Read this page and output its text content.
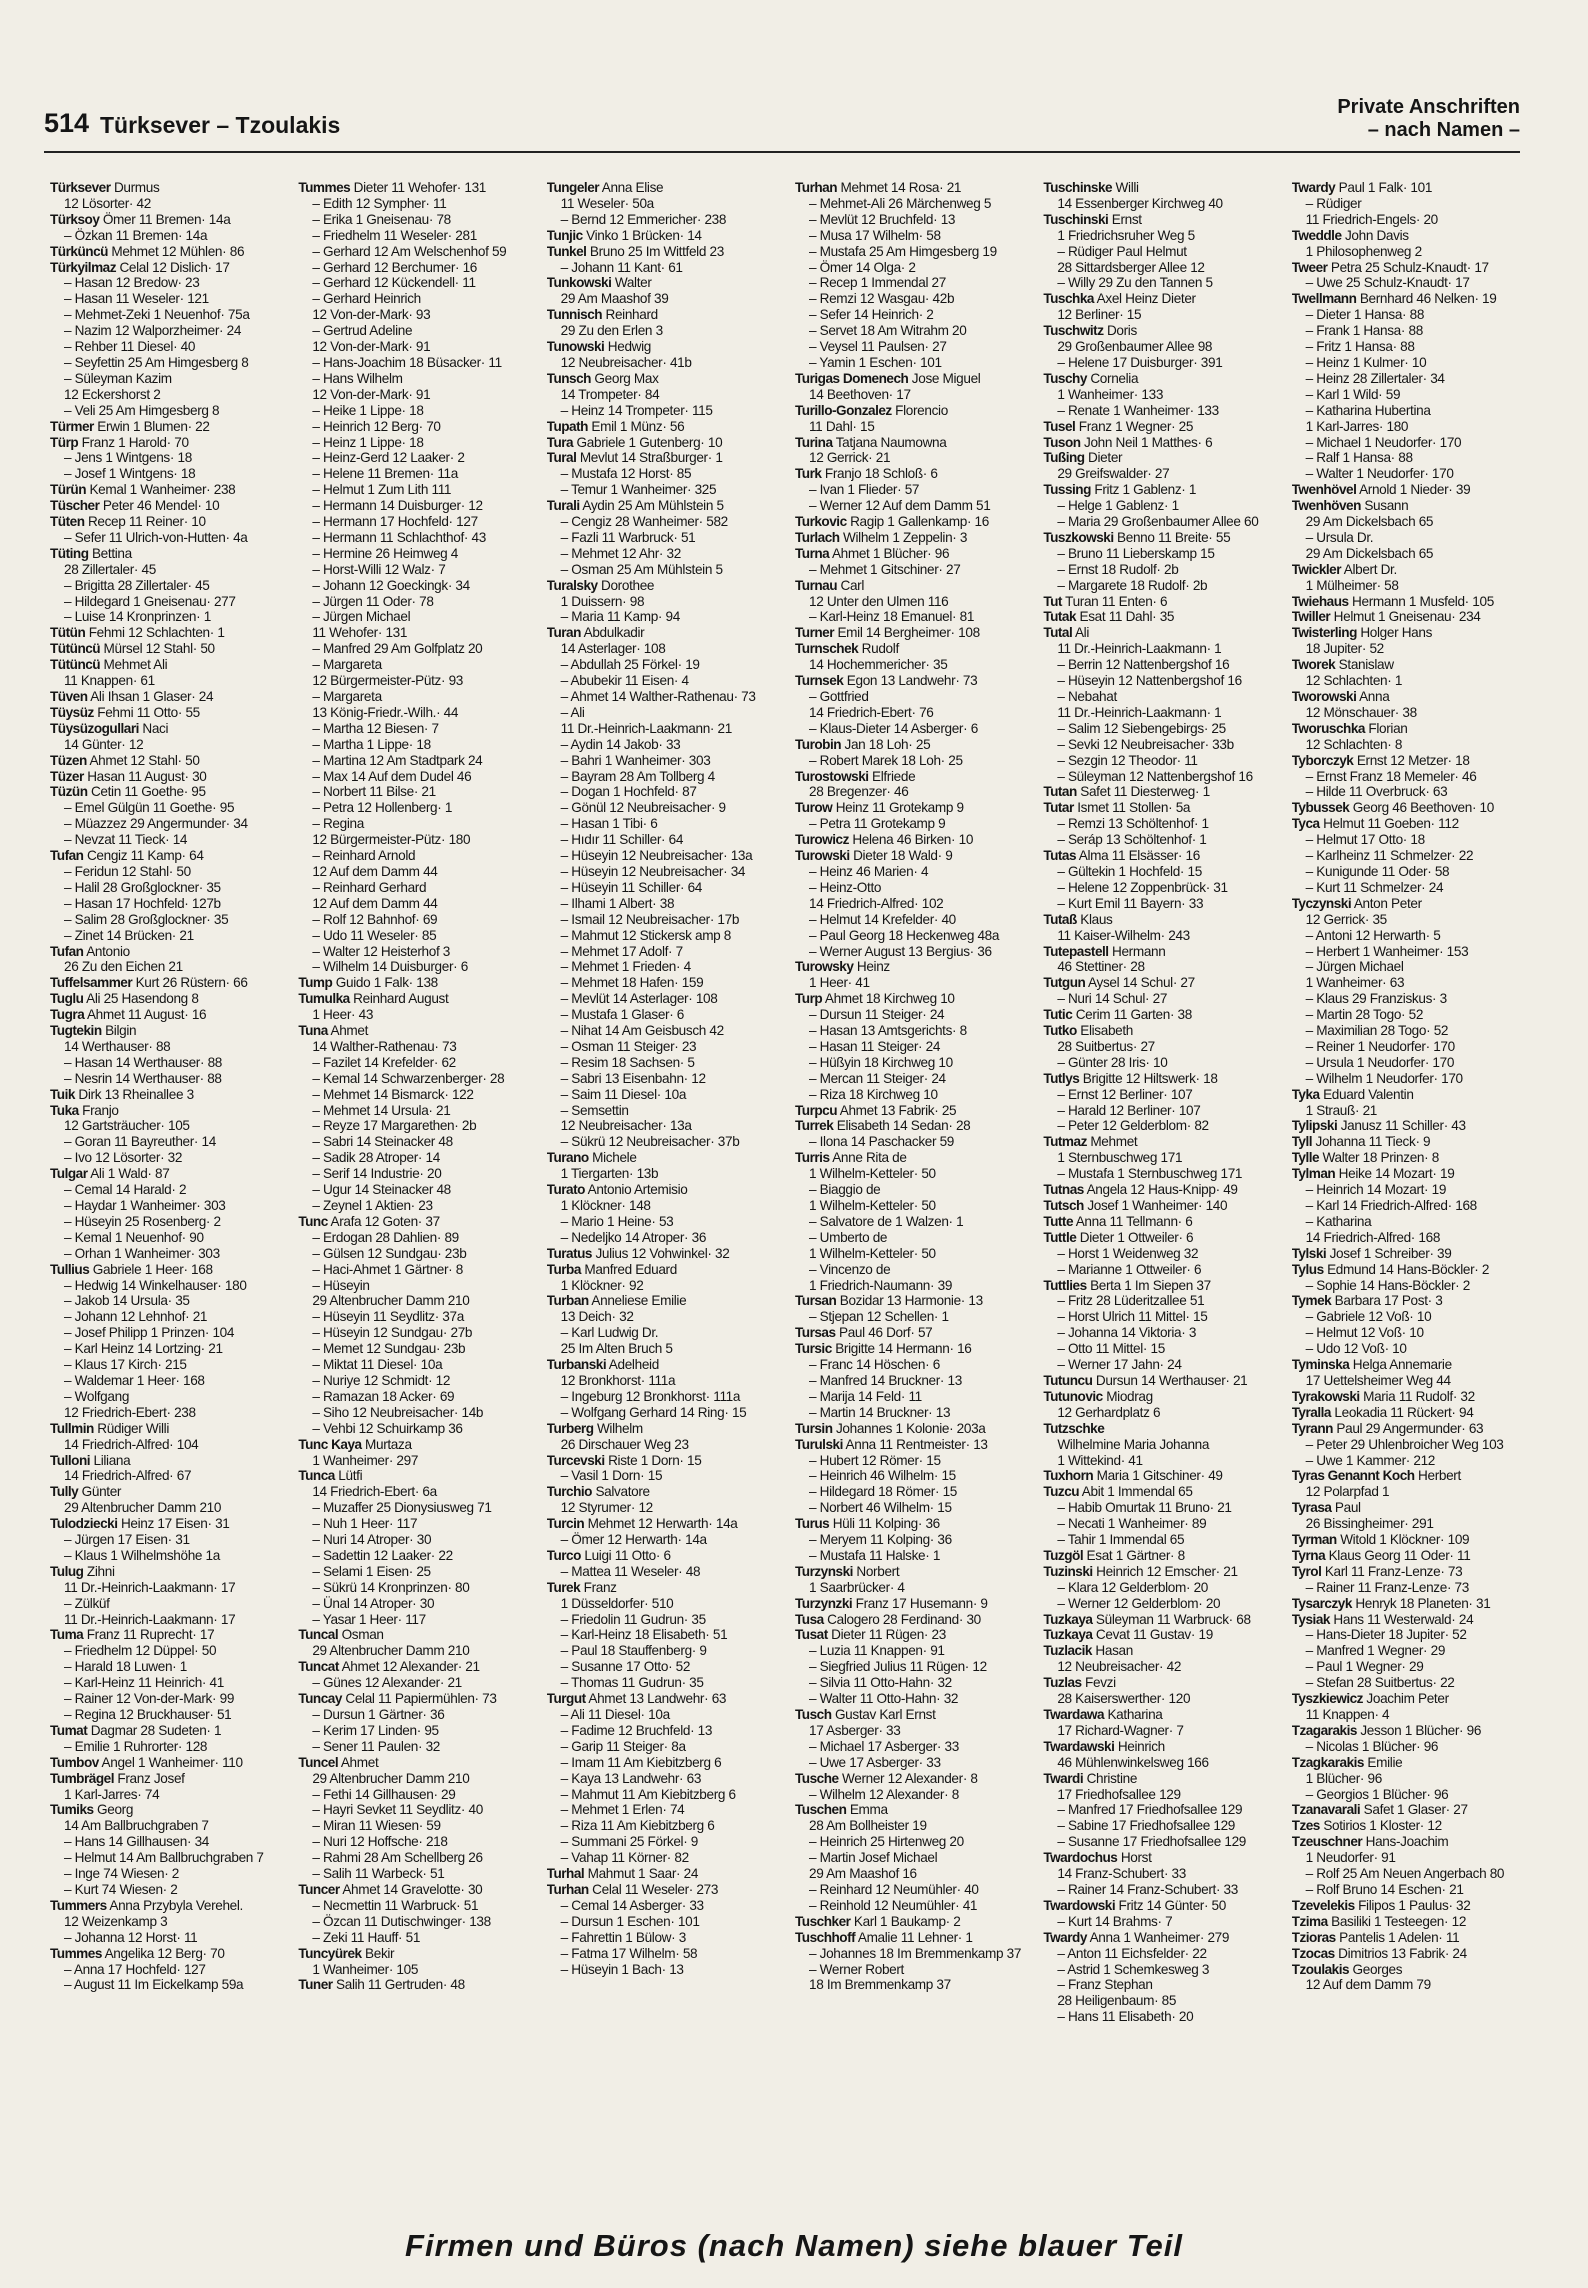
514 Türksever – Tzoulakis
Private Anschriften
– nach Namen –
Türksever Durmus
12 Lösorter· 42
Türksoy Ömer 11 Bremen· 14a
– Özkan 11 Bremen· 14a
Türküncü Mehmet 12 Mühlen· 86
Türkyilmaz Celal 12 Dislich· 17
– Hasan 12 Bredow· 23
– Hasan 11 Weseler· 121
– Mehmet-Zeki 1 Neuenhof· 75a
– Nazim 12 Walporzheimer· 24
– Rehber 11 Diesel· 40
– Seyfettin 25 Am Himgesberg 8
– Süleyman Kazim
12 Eckershorst 2
– Veli 25 Am Himgesberg 8
Türmer Erwin 1 Blumen· 22
Türp Franz 1 Harold· 70
– Jens 1 Wintgens· 18
– Josef 1 Wintgens· 18
Türün Kemal 1 Wanheimer· 238
Tüscher Peter 46 Mendel· 10
Tüten Recep 11 Reiner· 10
– Sefer 11 Ulrich-von-Hutten· 4a
Tüting Bettina
28 Zillertaler· 45
– Brigitta 28 Zillertaler· 45
– Hildegard 1 Gneisenau· 277
– Luise 14 Kronprinzen· 1
Tütün Fehmi 12 Schlachten· 1
Tütüncü Mürsel 12 Stahl· 50
Tütüncü Mehmet Ali
11 Knappen· 61
Tüven Ali Ihsan 1 Glaser· 24
Tüysüz Fehmi 11 Otto· 55
Tüysüzogullari Naci
14 Günter· 12
Tüzen Ahmet 12 Stahl· 50
Tüzer Hasan 11 August· 30
Tüzün Cetin 11 Goethe· 95
– Emel Gülgün 11 Goethe· 95
– Müazzez 29 Angermunder· 34
– Nevzat 11 Tieck· 14
Tufan Cengiz 11 Kamp· 64
– Feridun 12 Stahl· 50
– Halil 28 Großglockner· 35
– Hasan 17 Hochfeld· 127b
– Salim 28 Großglockner· 35
– Zinet 14 Brücken· 21
Tufan Antonio
26 Zu den Eichen 21
Tuffelsammer Kurt 26 Rüstern· 66
Tuglu Ali 25 Hasendong 8
Tugra Ahmet 11 August· 16
Tugtekin Bilgin
14 Werthauser· 88
– Hasan 14 Werthauser· 88
– Nesrin 14 Werthauser· 88
Tuik Dirk 13 Rheinallee 3
Tuka Franjo
12 Gartsträucher· 105
– Goran 11 Bayreuther· 14
– Ivo 12 Lösorter· 32
Tulgar Ali 1 Wald· 87
– Cemal 14 Harald· 2
– Haydar 1 Wanheimer· 303
– Hüseyin 25 Rosenberg· 2
– Kemal 1 Neuenhof· 90
– Orhan 1 Wanheimer· 303
Tullius Gabriele 1 Heer· 168
– Hedwig 14 Winkelhauser· 180
– Jakob 14 Ursula· 35
– Johann 12 Lehnhof· 21
– Josef Philipp 1 Prinzen· 104
– Karl Heinz 14 Lortzing· 21
– Klaus 17 Kirch· 215
– Waldemar 1 Heer· 168
– Wolfgang
12 Friedrich-Ebert· 238
Tullmin Rüdiger Willi
14 Friedrich-Alfred· 104
Tulloni Liliana
14 Friedrich-Alfred· 67
Tully Günter
29 Altenbrucher Damm 210
Tulodziecki Heinz 17 Eisen· 31
– Jürgen 17 Eisen· 31
– Klaus 1 Wilhelmshöhe 1a
Tulug Zihni
11 Dr.-Heinrich-Laakmann· 17
– Zülküf
11 Dr.-Heinrich-Laakmann· 17
Tuma Franz 11 Ruprecht· 17
– Friedhelm 12 Düppel· 50
– Harald 18 Luwen· 1
– Karl-Heinz 11 Heinrich· 41
– Rainer 12 Von-der-Mark· 99
– Regina 12 Bruckhauser· 51
Tumat Dagmar 28 Sudeten· 1
– Emilie 1 Ruhrorter· 128
Tumbov Angel 1 Wanheimer· 110
Tumbrägel Franz Josef
1 Karl-Jarres· 74
Tumiks Georg
14 Am Ballbruchgraben 7
– Hans 14 Gillhausen· 34
– Helmut 14 Am Ballbruchgraben 7
– Inge 74 Wiesen· 2
– Kurt 74 Wiesen· 2
Tummers Anna Przybyla Verehel.
12 Weizenkamp 3
– Johanna 12 Horst· 11
Tummes Angelika 12 Berg· 70
– Anna 17 Hochfeld· 127
– August 11 Im Eickelkamp 59a
Tummes Dieter 11 Wehofer· 131
– Edith 12 Sympher· 11
– Erika 1 Gneisenau· 78
– Friedhelm 11 Weseler· 281
– Gerhard 12 Am Welschenhof 59
– Gerhard 12 Berchumer· 16
– Gerhard 12 Kückendell· 11
– Gerhard Heinrich
12 Von-der-Mark· 93
– Gertrud Adeline
12 Von-der-Mark· 91
– Hans-Joachim 18 Büsacker· 11
– Hans Wilhelm
12 Von-der-Mark· 91
– Heike 1 Lippe· 18
– Heinrich 12 Berg· 70
– Heinz 1 Lippe· 18
– Heinz-Gerd 12 Laaker· 2
– Helene 11 Bremen· 11a
– Helmut 1 Zum Lith 111
– Hermann 14 Duisburger· 12
– Hermann 17 Hochfeld· 127
– Hermann 11 Schlachthof· 43
– Hermine 26 Heimweg 4
– Horst-Willi 12 Walz· 7
– Johann 12 Goeckingk· 34
– Jürgen 11 Oder· 78
– Jürgen Michael
11 Wehofer· 131
– Manfred 29 Am Golfplatz 20
– Margareta
12 Bürgermeister-Pütz· 93
– Margareta
13 König-Friedr.-Wilh.· 44
– Martha 12 Biesen· 7
– Martha 1 Lippe· 18
– Martina 12 Am Stadtpark 24
– Max 14 Auf dem Dudel 46
– Norbert 11 Bilse· 21
– Petra 12 Hollenberg· 1
– Regina
12 Bürgermeister-Pütz· 180
– Reinhard Arnold
12 Auf dem Damm 44
– Reinhard Gerhard
12 Auf dem Damm 44
– Rolf 12 Bahnhof· 69
– Udo 11 Weseler· 85
– Walter 12 Heisterhof 3
– Wilhelm 14 Duisburger· 6
Tump Guido 1 Falk· 138
Tumulka Reinhard August
1 Heer· 43
Tuna Ahmet
14 Walther-Rathenau· 73
– Fazilet 14 Krefelder· 62
– Kemal 14 Schwarzenberger· 28
– Mehmet 14 Bismarck· 122
– Mehmet 14 Ursula· 21
– Reyze 17 Margarethen· 2b
– Sabri 14 Steinacker 48
– Sadik 28 Atroper· 14
– Serif 14 Industrie· 20
– Ugur 14 Steinacker 48
– Zeynel 1 Aktien· 23
Tunc Arafa 12 Goten· 37
– Erdogan 28 Dahlien· 89
– Gülsen 12 Sundgau· 23b
– Haci-Ahmet 1 Gärtner· 8
– Hüseyin
29 Altenbrucher Damm 210
– Hüseyin 11 Seydlitz· 37a
– Hüseyin 12 Sundgau· 27b
– Memet 12 Sundgau· 23b
– Miktat 11 Diesel· 10a
– Nuriye 12 Schmidt· 12
– Ramazan 18 Acker· 69
– Siho 12 Neubreisacher· 14b
– Vehbi 12 Schuirkamp 36
Tunc Kaya Murtaza
1 Wanheimer· 297
Tunca Lütfi
14 Friedrich-Ebert· 6a
– Muzaffer 25 Dionysiusweg 71
– Nuh 1 Heer· 117
– Nuri 14 Atroper· 30
– Sadettin 12 Laaker· 22
– Selami 1 Eisen· 25
– Sükrü 14 Kronprinzen· 80
– Ünal 14 Atroper· 30
– Yasar 1 Heer· 117
Tuncal Osman
29 Altenbrucher Damm 210
Tuncat Ahmet 12 Alexander· 21
– Günes 12 Alexander· 21
Tuncay Celal 11 Papiermühlen· 73
– Dursun 1 Gärtner· 36
– Kerim 17 Linden· 95
– Sener 11 Paulen· 32
Tuncel Ahmet
29 Altenbrucher Damm 210
– Fethi 14 Gillhausen· 29
– Hayri Sevket 11 Seydlitz· 40
– Miran 11 Wiesen· 59
– Nuri 12 Hoffsche· 218
– Rahmi 28 Am Schellberg 26
– Salih 11 Warbeck· 51
Tuncer Ahmet 14 Gravelotte· 30
– Necmettin 11 Warbruck· 51
– Özcan 11 Dutischwinger· 138
– Zeki 11 Hauff· 51
Tuncyürek Bekir
1 Wanheimer· 105
Tuner Salih 11 Gertruden· 48
Tungeler Anna Elise
11 Weseler· 50a
– Bernd 12 Emmericher· 238
Tunjic Vinko 1 Brücken· 14
Tunkel Bruno 25 Im Wittfeld 23
– Johann 11 Kant· 61
Tunkowski Walter
29 Am Maashof 39
Tunnisch Reinhard
29 Zu den Erlen 3
Tunowski Hedwig
12 Neubreisacher· 41b
Tunsch Georg Max
14 Trompeter· 84
– Heinz 14 Trompeter· 115
Tupath Emil 1 Münz· 56
Tura Gabriele 1 Gutenberg· 10
Tural Mevlut 14 Straßburger· 1
– Mustafa 12 Horst· 85
– Temur 1 Wanheimer· 325
Turali Aydin 25 Am Mühlstein 5
– Cengiz 28 Wanheimer· 582
– Fazli 11 Warbruck· 51
– Mehmet 12 Ahr· 32
– Osman 25 Am Mühlstein 5
Turalsky Dorothee
1 Duissern· 98
– Maria 11 Kamp· 94
Turan Abdulkadir
14 Asterlager· 108
– Abdullah 25 Förkel· 19
– Abubekir 11 Eisen· 4
– Ahmet 14 Walther-Rathenau· 73
– Ali
11 Dr.-Heinrich-Laakmann· 21
– Aydin 14 Jakob· 33
– Bahri 1 Wanheimer· 303
– Bayram 28 Am Tollberg 4
– Dogan 1 Hochfeld· 87
– Gönül 12 Neubreisacher· 9
– Hasan 1 Tibi· 6
– Hıdır 11 Schiller· 64
– Hüseyin 12 Neubreisacher· 13a
– Hüseyin 12 Neubreisacher· 34
– Hüseyin 11 Schiller· 64
– Ilhami 1 Albert· 38
– Ismail 12 Neubreisacher· 17b
– Mahmut 12 Stickersk amp 8
– Mehmet 17 Adolf· 7
– Mehmet 1 Frieden· 4
– Mehmet 18 Hafen· 159
– Mevlüt 14 Asterlager· 108
– Mustafa 1 Glaser· 6
– Nihat 14 Am Geisbusch 42
– Osman 11 Steiger· 23
– Resim 18 Sachsen· 5
– Sabri 13 Eisenbahn· 12
– Saim 11 Diesel· 10a
– Semsettin
12 Neubreisacher· 13a
– Sükrü 12 Neubreisacher· 37b
Turano Michele
1 Tiergarten· 13b
Turato Antonio Artemisio
1 Klöckner· 148
– Mario 1 Heine· 53
– Nedeljko 14 Atroper· 36
Turatus Julius 12 Vohwinkel· 32
Turba Manfred Eduard
1 Klöckner· 92
Turban Anneliese Emilie
13 Deich· 32
– Karl Ludwig Dr.
25 Im Alten Bruch 5
Turbanski Adelheid
12 Bronkhorst· 111a
– Ingeburg 12 Bronkhorst· 111a
– Wolfgang Gerhard 14 Ring· 15
Turberg Wilhelm
26 Dirschauer Weg 23
Turcevski Riste 1 Dorn· 15
– Vasil 1 Dorn· 15
Turchio Salvatore
12 Styrumer· 12
Turcin Mehmet 12 Herwarth· 14a
– Ömer 12 Herwarth· 14a
Turco Luigi 11 Otto· 6
– Mattea 11 Weseler· 48
Turek Franz
1 Düsseldorfer· 510
– Friedolin 11 Gudrun· 35
– Karl-Heinz 18 Elisabeth· 51
– Paul 18 Stauffenberg· 9
– Susanne 17 Otto· 52
– Thomas 11 Gudrun· 35
Turgut Ahmet 13 Landwehr· 63
– Ali 11 Diesel· 10a
– Fadime 12 Bruchfeld· 13
– Garip 11 Steiger· 8a
– Imam 11 Am Kiebitzberg 6
– Kaya 13 Landwehr· 63
– Mahmut 11 Am Kiebitzberg 6
– Mehmet 1 Erlen· 74
– Riza 11 Am Kiebitzberg 6
– Summani 25 Förkel· 9
– Vahap 11 Körner· 82
Turhal Mahmut 1 Saar· 24
Turhan Celal 11 Weseler· 273
– Cemal 14 Asberger· 33
– Dursun 1 Eschen· 101
– Fahrettin 1 Bülow· 3
– Fatma 17 Wilhelm· 58
– Hüseyin 1 Bach· 13
Turhan Mehmet 14 Rosa· 21
– Mehmet-Ali 26 Märchenweg 5
– Mevlüt 12 Bruchfeld· 13
– Musa 17 Wilhelm· 58
– Mustafa 25 Am Himgesberg 19
– Ömer 14 Olga· 2
– Recep 1 Immendal 27
– Remzi 12 Wasgau· 42b
– Sefer 14 Heinrich· 2
– Servet 18 Am Witrahm 20
– Veysel 11 Paulsen· 27
– Yamin 1 Eschen· 101
Turigas Domenech Jose Miguel
14 Beethoven· 17
Turillo-Gonzalez Florencio
11 Dahl· 15
Turina Tatjana Naumowna
12 Gerrick· 21
Turk Franjo 18 Schloß· 6
– Ivan 1 Flieder· 57
– Werner 12 Auf dem Damm 51
Turkovic Ragip 1 Gallenkamp· 16
Turlach Wilhelm 1 Zeppelin· 3
Turna Ahmet 1 Blücher· 96
– Mehmet 1 Gitschiner· 27
Turnau Carl
12 Unter den Ulmen 116
– Karl-Heinz 18 Emanuel· 81
Turner Emil 14 Bergheimer· 108
Turnschek Rudolf
14 Hochemmericher· 35
Turnsek Egon 13 Landwehr· 73
– Gottfried
14 Friedrich-Ebert· 76
– Klaus-Dieter 14 Asberger· 6
Turobin Jan 18 Loh· 25
– Robert Marek 18 Loh· 25
Turostowski Elfriede
28 Bregenzer· 46
Turow Heinz 11 Grotekamp 9
– Petra 11 Grotekamp 9
Turowicz Helena 46 Birken· 10
Turowski Dieter 18 Wald· 9
– Heinz 46 Marien· 4
– Heinz-Otto
14 Friedrich-Alfred· 102
– Helmut 14 Krefelder· 40
– Paul Georg 18 Heckenweg 48a
– Werner August 13 Bergius· 36
Turowsky Heinz
1 Heer· 41
Turp Ahmet 18 Kirchweg 10
– Dursun 11 Steiger· 24
– Hasan 13 Amtsgerichts· 8
– Hasan 11 Steiger· 24
– Hüßyin 18 Kirchweg 10
– Mercan 11 Steiger· 24
– Riza 18 Kirchweg 10
Turpcu Ahmet 13 Fabrik· 25
Turrek Elisabeth 14 Sedan· 28
– Ilona 14 Paschacker 59
Turris Anne Rita de
1 Wilhelm-Ketteler· 50
– Biaggio de
1 Wilhelm-Ketteler· 50
– Salvatore de 1 Walzen· 1
– Umberto de
1 Wilhelm-Ketteler· 50
– Vincenzo de
1 Friedrich-Naumann· 39
Tursan Bozidar 13 Harmonie· 13
– Stjepan 12 Schellen· 1
Tursas Paul 46 Dorf· 57
Tursic Brigitte 14 Hermann· 16
– Franc 14 Höschen· 6
– Manfred 14 Bruckner· 13
– Marija 14 Feld· 11
– Martin 14 Bruckner· 13
Tursin Johannes 1 Kolonie· 203a
Turulski Anna 11 Rentmeister· 13
– Hubert 12 Römer· 15
– Heinrich 46 Wilhelm· 15
– Hildegard 18 Römer· 15
– Norbert 46 Wilhelm· 15
Turus Hüli 11 Kolping· 36
– Meryem 11 Kolping· 36
– Mustafa 11 Halske· 1
Turzynski Norbert
1 Saarbrücker· 4
Turzynzki Franz 17 Husemann· 9
Tusa Calogero 28 Ferdinand· 30
Tusat Dieter 11 Rügen· 23
– Luzia 11 Knappen· 91
– Siegfried Julius 11 Rügen· 12
– Silvia 11 Otto-Hahn· 32
– Walter 11 Otto-Hahn· 32
Tusch Gustav Karl Ernst
17 Asberger· 33
– Michael 17 Asberger· 33
– Uwe 17 Asberger· 33
Tusche Werner 12 Alexander· 8
– Wilhelm 12 Alexander· 8
Tuschen Emma
28 Am Bollheister 19
– Heinrich 25 Hirtenweg 20
– Martin Josef Michael
29 Am Maashof 16
– Reinhard 12 Neumühler· 40
– Reinhold 12 Neumühler· 41
Tuschker Karl 1 Baukamp· 2
Tuschhoff Amalie 11 Lehner· 1
– Johannes 18 Im Bremmenkamp 37
– Werner Robert
18 Im Bremmenkamp 37
Tuschinske Willi
14 Essenberger Kirchweg 40
Tuschinski Ernst
1 Friedrichsruher Weg 5
– Rüdiger Paul Helmut
28 Sittardsberger Allee 12
– Willy 29 Zu den Tannen 5
Tuschka Axel Heinz Dieter
12 Berliner· 15
Tuschwitz Doris
29 Großenbaumer Allee 98
– Helene 17 Duisburger· 391
Tuschy Cornelia
1 Wanheimer· 133
– Renate 1 Wanheimer· 133
Tusel Franz 1 Wegner· 25
Tuson John Neil 1 Matthes· 6
Tußing Dieter
29 Greifswalder· 27
Tussing Fritz 1 Gablenz· 1
– Helge 1 Gablenz· 1
– Maria 29 Großenbaumer Allee 60
Tuszkowski Benno 11 Breite· 55
– Bruno 11 Lieberskamp 15
– Ernst 18 Rudolf· 2b
– Margarete 18 Rudolf· 2b
Tut Turan 11 Enten· 6
Tutak Esat 11 Dahl· 35
Tutal Ali
11 Dr.-Heinrich-Laakmann· 1
– Berrin 12 Nattenbergshof 16
– Hüseyin 12 Nattenbergshof 16
– Nebahat
11 Dr.-Heinrich-Laakmann· 1
– Salim 12 Siebengebirgs· 25
– Sevki 12 Neubreisacher· 33b
– Sezgin 12 Theodor· 11
– Süleyman 12 Nattenbergshof 16
Tutan Safet 11 Diesterweg· 1
Tutar Ismet 11 Stollen· 5a
– Remzi 13 Schöltenhof· 1
– Seráp 13 Schöltenhof· 1
Tutas Alma 11 Elsässer· 16
– Gültekin 1 Hochfeld· 15
– Helene 12 Zoppenbrück· 31
– Kurt Emil 11 Bayern· 33
Tutaß Klaus
11 Kaiser-Wilhelm· 243
Tutepastell Hermann
46 Stettiner· 28
Tutgun Aysel 14 Schul· 27
– Nuri 14 Schul· 27
Tutic Cerim 11 Garten· 38
Tutko Elisabeth
28 Suitbertus· 27
– Günter 28 Iris· 10
Tutlys Brigitte 12 Hiltswerk· 18
– Ernst 12 Berliner· 107
– Harald 12 Berliner· 107
– Peter 12 Gelderblom· 82
Tutmaz Mehmet
1 Sternbuschweg 171
– Mustafa 1 Sternbuschweg 171
Tutnas Angela 12 Haus-Knipp· 49
Tutsch Josef 1 Wanheimer· 140
Tutte Anna 11 Tellmann· 6
Tuttle Dieter 1 Ottweiler· 6
– Horst 1 Weidenweg 32
– Marianne 1 Ottweiler· 6
Tuttlies Berta 1 Im Siepen 37
– Fritz 28 Lüderitzallee 51
– Horst Ulrich 11 Mittel· 15
– Johanna 14 Viktoria· 3
– Otto 11 Mittel· 15
– Werner 17 Jahn· 24
Tutuncu Dursun 14 Werthauser· 21
Tutunovic Miodrag
12 Gerhardplatz 6
Tutzschke
Wilhelmine Maria Johanna
1 Wittekind· 41
Tuxhorn Maria 1 Gitschiner· 49
Tuzcu Abit 1 Immendal 65
– Habib Omurtak 11 Bruno· 21
– Necati 1 Wanheimer· 89
– Tahir 1 Immendal 65
Tuzgöl Esat 1 Gärtner· 8
Tuzinski Heinrich 12 Emscher· 21
– Klara 12 Gelderblom· 20
– Werner 12 Gelderblom· 20
Tuzkaya Süleyman 11 Warbruck· 68
Tuzkaya Cevat 11 Gustav· 19
Tuzlacik Hasan
12 Neubreisacher· 42
Tuzlas Fevzi
28 Kaiserswerther· 120
Twardawa Katharina
17 Richard-Wagner· 7
Twardawski Heinrich
46 Mühlenwinkelsweg 166
Twardi Christine
17 Friedhofsallee 129
– Manfred 17 Friedhofsallee 129
– Sabine 17 Friedhofsallee 129
– Susanne 17 Friedhofsallee 129
Twardochus Horst
14 Franz-Schubert· 33
– Rainer 14 Franz-Schubert· 33
Twardowski Fritz 14 Günter· 50
– Kurt 14 Brahms· 7
Twardy Anna 1 Wanheimer· 279
– Anton 11 Eichsfelder· 22
– Astrid 1 Schemkesweg 3
– Franz Stephan
28 Heiligenbaum· 85
– Hans 11 Elisabeth· 20
Twardy Paul 1 Falk· 101
– Rüdiger
11 Friedrich-Engels· 20
Tweddle John Davis
1 Philosophenweg 2
Tweer Petra 25 Schulz-Knaudt· 17
– Uwe 25 Schulz-Knaudt· 17
Twellmann Bernhard 46 Nelken· 19
– Dieter 1 Hansa· 88
– Frank 1 Hansa· 88
– Fritz 1 Hansa· 88
– Heinz 1 Kulmer· 10
– Heinz 28 Zillertaler· 34
– Karl 1 Wild· 59
– Katharina Hubertina
1 Karl-Jarres· 180
– Michael 1 Neudorfer· 170
– Ralf 1 Hansa· 88
– Walter 1 Neudorfer· 170
Twenhövel Arnold 1 Nieder· 39
Twenhöven Susann
29 Am Dickelsbach 65
– Ursula Dr.
29 Am Dickelsbach 65
Twickler Albert Dr.
1 Mülheimer· 58
Twiehaus Hermann 1 Musfeld· 105
Twiller Helmut 1 Gneisenau· 234
Twisterling Holger Hans
18 Jupiter· 52
Tworek Stanislaw
12 Schlachten· 1
Tworowski Anna
12 Mönschauer· 38
Tworuschka Florian
12 Schlachten· 8
Tyborczyk Ernst 12 Metzer· 18
– Ernst Franz 18 Memeler· 46
– Hilde 11 Overbruck· 63
Tybussek Georg 46 Beethoven· 10
Tyca Helmut 11 Goeben· 112
– Helmut 17 Otto· 18
– Karlheinz 11 Schmelzer· 22
– Kunigunde 11 Oder· 58
– Kurt 11 Schmelzer· 24
Tyczynski Anton Peter
12 Gerrick· 35
– Antoni 12 Herwarth· 5
– Herbert 1 Wanheimer· 153
– Jürgen Michael
1 Wanheimer· 63
– Klaus 29 Franziskus· 3
– Martin 28 Togo· 52
– Maximilian 28 Togo· 52
– Reiner 1 Neudorfer· 170
– Ursula 1 Neudorfer· 170
– Wilhelm 1 Neudorfer· 170
Tyka Eduard Valentin
1 Strauß· 21
Tylipski Janusz 11 Schiller· 43
Tyll Johanna 11 Tieck· 9
Tylle Walter 18 Prinzen· 8
Tylman Heike 14 Mozart· 19
– Heinrich 14 Mozart· 19
– Karl 14 Friedrich-Alfred· 168
– Katharina
14 Friedrich-Alfred· 168
Tylski Josef 1 Schreiber· 39
Tylus Edmund 14 Hans-Böckler· 2
– Sophie 14 Hans-Böckler· 2
Tymek Barbara 17 Post· 3
– Gabriele 12 Voß· 10
– Helmut 12 Voß· 10
– Udo 12 Voß· 10
Tyminska Helga Annemarie
17 Uettelsheimer Weg 44
Tyrakowski Maria 11 Rudolf· 32
Tyralla Leokadia 11 Rückert· 94
Tyrann Paul 29 Angermunder· 63
– Peter 29 Uhlenbroicher Weg 103
– Uwe 1 Kammer· 212
Tyras Genannt Koch Herbert
12 Polarpfad 1
Tyrasa Paul
26 Bissingheimer· 291
Tyrman Witold 1 Klöckner· 109
Tyrna Klaus Georg 11 Oder· 11
Tyrol Karl 11 Franz-Lenze· 73
– Rainer 11 Franz-Lenze· 73
Tysarczyk Henryk 18 Planeten· 31
Tysiak Hans 11 Westerwald· 24
– Hans-Dieter 18 Jupiter· 52
– Manfred 1 Wegner· 29
– Paul 1 Wegner· 29
– Stefan 28 Suitbertus· 22
Tyszkiewicz Joachim Peter
11 Knappen· 4
Tzagarakis Jesson 1 Blücher· 96
– Nicolas 1 Blücher· 96
Tzagkarakis Emilie
1 Blücher· 96
– Georgios 1 Blücher· 96
Tzanavarali Safet 1 Glaser· 27
Tzes Sotirios 1 Kloster· 12
Tzeuschner Hans-Joachim
1 Neudorfer· 91
– Rolf 25 Am Neuen Angerbach 80
– Rolf Bruno 14 Eschen· 21
Tzevelekis Filipos 1 Paulus· 32
Tzima Basiliki 1 Testeegen· 12
Tzioras Pantelis 1 Adelen· 11
Tzocas Dimitrios 13 Fabrik· 24
Tzoulakis Georges
12 Auf dem Damm 79
Firmen und Büros (nach Namen) siehe blauer Teil
